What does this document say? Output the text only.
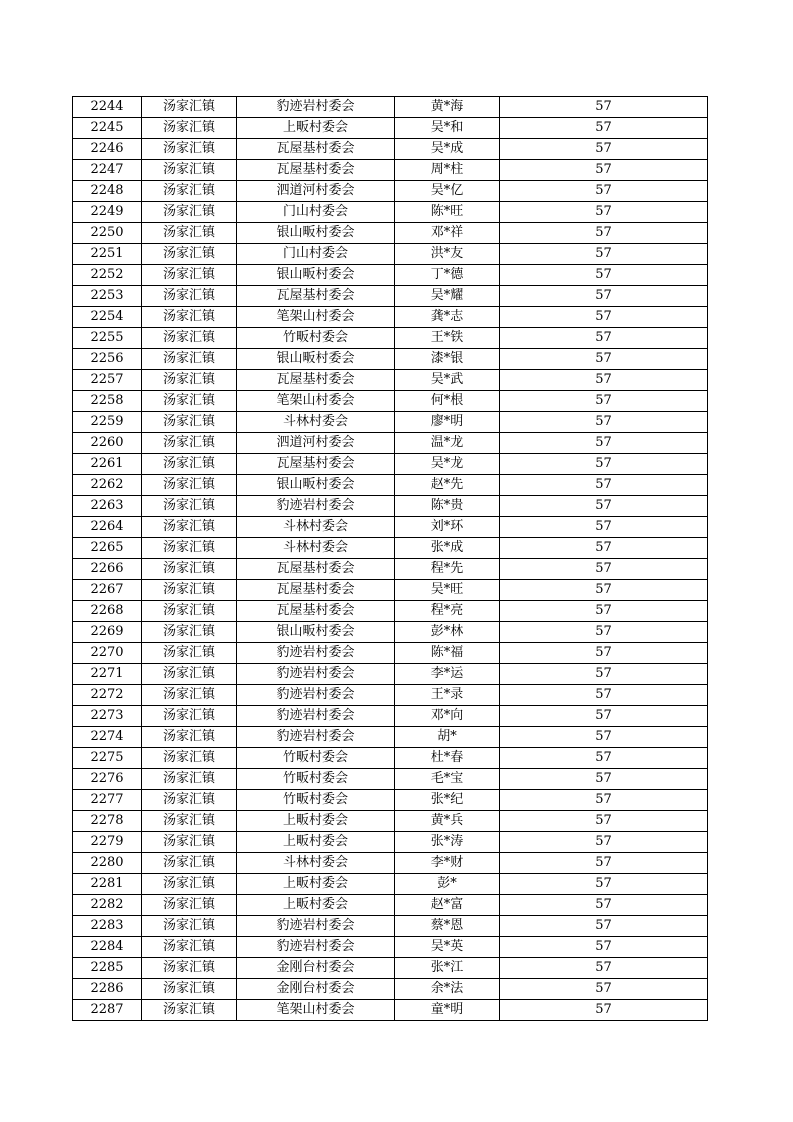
2244	汤家汇镇	豹迹岩村委会	黄*海	57
2245	汤家汇镇	上畈村委会	吴*和	57
2246	汤家汇镇	瓦屋基村委会	吴*成	57
2247	汤家汇镇	瓦屋基村委会	周*柱	57
2248	汤家汇镇	泗道河村委会	吴*亿	57
2249	汤家汇镇	门山村委会	陈*旺	57
2250	汤家汇镇	银山畈村委会	邓*祥	57
2251	汤家汇镇	门山村委会	洪*友	57
2252	汤家汇镇	银山畈村委会	丁*德	57
2253	汤家汇镇	瓦屋基村委会	吴*耀	57
2254	汤家汇镇	笔架山村委会	龚*志	57
2255	汤家汇镇	竹畈村委会	王*铁	57
2256	汤家汇镇	银山畈村委会	漆*银	57
2257	汤家汇镇	瓦屋基村委会	吴*武	57
2258	汤家汇镇	笔架山村委会	何*根	57
2259	汤家汇镇	斗林村委会	廖*明	57
2260	汤家汇镇	泗道河村委会	温*龙	57
2261	汤家汇镇	瓦屋基村委会	吴*龙	57
2262	汤家汇镇	银山畈村委会	赵*先	57
2263	汤家汇镇	豹迹岩村委会	陈*贵	57
2264	汤家汇镇	斗林村委会	刘*环	57
2265	汤家汇镇	斗林村委会	张*成	57
2266	汤家汇镇	瓦屋基村委会	程*先	57
2267	汤家汇镇	瓦屋基村委会	吴*旺	57
2268	汤家汇镇	瓦屋基村委会	程*亮	57
2269	汤家汇镇	银山畈村委会	彭*林	57
2270	汤家汇镇	豹迹岩村委会	陈*福	57
2271	汤家汇镇	豹迹岩村委会	李*运	57
2272	汤家汇镇	豹迹岩村委会	王*录	57
2273	汤家汇镇	豹迹岩村委会	邓*向	57
2274	汤家汇镇	豹迹岩村委会	胡*	57
2275	汤家汇镇	竹畈村委会	杜*春	57
2276	汤家汇镇	竹畈村委会	毛*宝	57
2277	汤家汇镇	竹畈村委会	张*纪	57
2278	汤家汇镇	上畈村委会	黄*兵	57
2279	汤家汇镇	上畈村委会	张*涛	57
2280	汤家汇镇	斗林村委会	李*财	57
2281	汤家汇镇	上畈村委会	彭*	57
2282	汤家汇镇	上畈村委会	赵*富	57
2283	汤家汇镇	豹迹岩村委会	蔡*恩	57
2284	汤家汇镇	豹迹岩村委会	吴*英	57
2285	汤家汇镇	金刚台村委会	张*江	57
2286	汤家汇镇	金刚台村委会	余*法	57
2287	汤家汇镇	笔架山村委会	童*明	57
